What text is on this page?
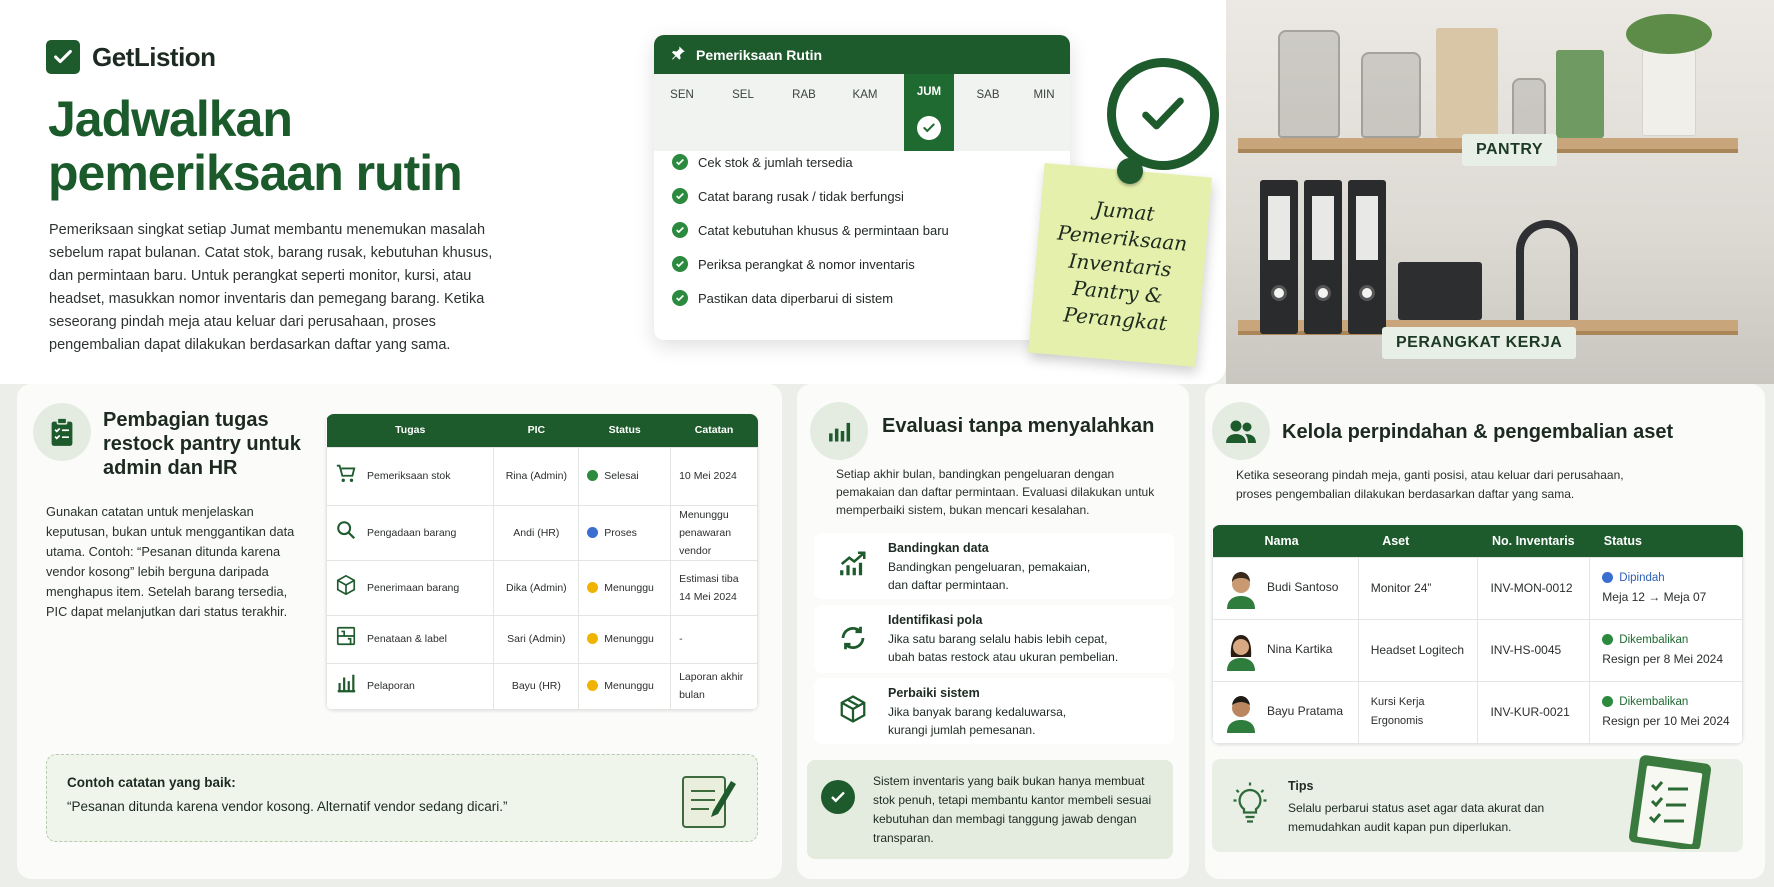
GetListion
Jadwalkan
pemeriksaan rutin

Pemeriksaan singkat setiap Jumat membantu menemukan masalah sebelum rapat bulanan. Catat stok, barang rusak, kebutuhan khusus, dan permintaan baru. Untuk perangkat seperti monitor, kursi, atau headset, masukkan nomor inventaris dan pemegang barang. Ketika seseorang pindah meja atau keluar dari perusahaan, proses pengembalian dapat dilakukan berdasarkan daftar yang sama.

Pemeriksaan Rutin
SEN	SEL	RAB	KAM	JUM	SAB	MIN
Cek stok & jumlah tersedia
Catat barang rusak / tidak berfungsi
Catat kebutuhan khusus & permintaan baru
Periksa perangkat & nomor inventaris
Pastikan data diperbarui di sistem
Jumat
Pemeriksaan
Inventaris
Pantry &
Perangkat
PANTRY
PERANGKAT KERJA
Pembagian tugas restock pantry untuk admin dan HR

Gunakan catatan untuk menjelaskan keputusan, bukan untuk menggantikan data utama. Contoh: “Pesanan ditunda karena vendor kosong” lebih berguna daripada menghapus item. Setelah barang tersedia, PIC dapat melanjutkan dari status terakhir.

Tugas	PIC	Status	Catatan
Pemeriksaan stok	Rina (Admin)	Selesai	10 Mei 2024
Pengadaan barang	Andi (HR)	Proses	Menunggu penawaran vendor
Penerimaan barang	Dika (Admin)	Menunggu	Estimasi tiba 14 Mei 2024
Penataan & label	Sari (Admin)	Menunggu	-
Pelaporan	Bayu (HR)	Menunggu	Laporan akhir bulan
Contoh catatan yang baik:
“Pesanan ditunda karena vendor kosong. Alternatif vendor sedang dicari.”
Evaluasi tanpa menyalahkan

Setiap akhir bulan, bandingkan pengeluaran dengan pemakaian dan daftar permintaan. Evaluasi dilakukan untuk memperbaiki sistem, bukan mencari kesalahan.

Bandingkan data
Bandingkan pengeluaran, pemakaian, dan daftar permintaan.
Identifikasi pola
Jika satu barang selalu habis lebih cepat, ubah batas restock atau ukuran pembelian.
Perbaiki sistem
Jika banyak barang kedaluwarsa, kurangi jumlah pemesanan.

Sistem inventaris yang baik bukan hanya membuat stok penuh, tetapi membantu kantor membeli sesuai kebutuhan dan membagi tanggung jawab dengan transparan.

Kelola perpindahan & pengembalian aset

Ketika seseorang pindah meja, ganti posisi, atau keluar dari perusahaan, proses pengembalian dilakukan berdasarkan daftar yang sama.

Nama	Aset	No. Inventaris	Status
Budi Santoso	Monitor 24”	INV-MON-0012	Dipindah
Meja 12 → Meja 07

Nina Kartika	Headset Logitech	INV-HS-0045	Dikembalikan
Resign per 8 Mei 2024

Bayu Pratama	Kursi Kerja Ergonomis	INV-KUR-0021	Dikembalikan
Resign per 10 Mei 2024
Tips

Selalu perbarui status aset agar data akurat dan memudahkan audit kapan pun diperlukan.
